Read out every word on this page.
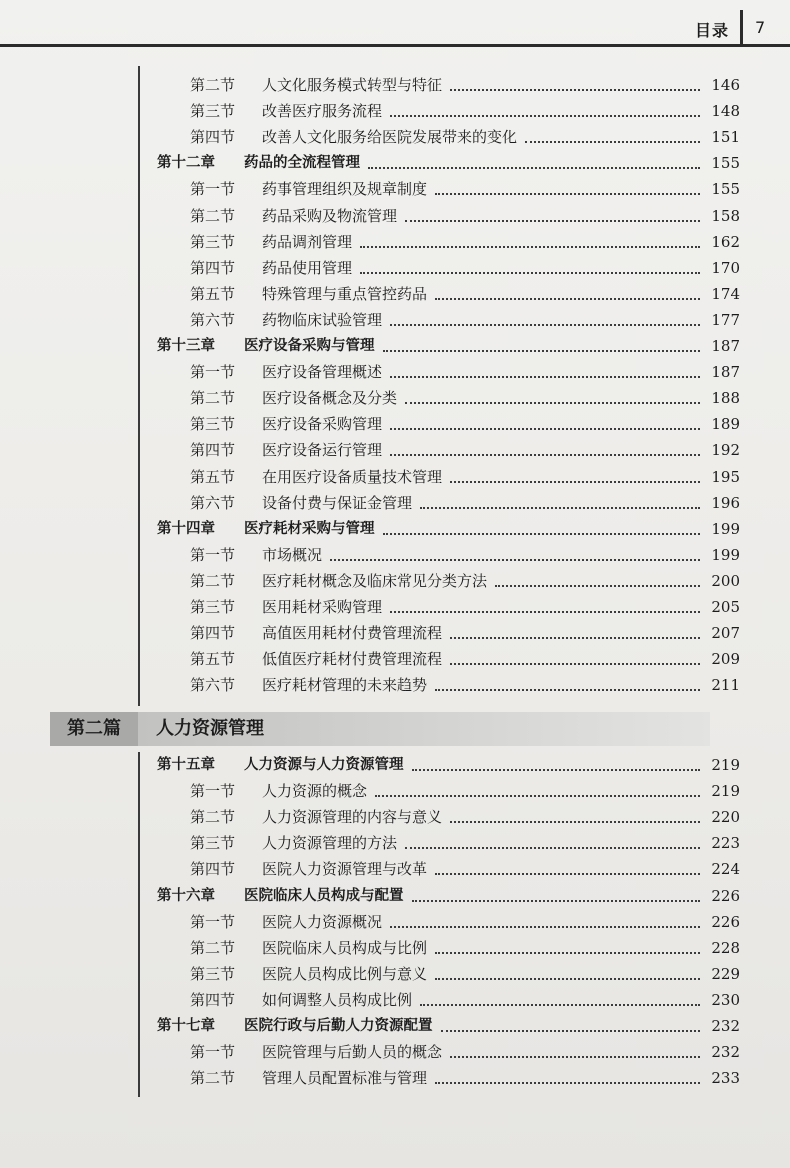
目录 7
第二篇	人力资源管理
第二节 人文化服务模式转型与特征	146
第三节 改善医疗服务流程	148
第四节 改善人文化服务给医院发展带来的变化	151
第十二章 药品的全流程管理	155
第一节 药事管理组织及规章制度	155
第二节 药品采购及物流管理	158
第三节 药品调剂管理	162
第四节 药品使用管理	170
第五节 特殊管理与重点管控药品	174
第六节 药物临床试验管理	177
第十三章 医疗设备采购与管理	187
第一节 医疗设备管理概述	187
第二节 医疗设备概念及分类	188
第三节 医疗设备采购管理	189
第四节 医疗设备运行管理	192
第五节 在用医疗设备质量技术管理	195
第六节 设备付费与保证金管理	196
第十四章 医疗耗材采购与管理	199
第一节 市场概况	199
第二节 医疗耗材概念及临床常见分类方法	200
第三节 医用耗材采购管理	205
第四节 高值医用耗材付费管理流程	207
第五节 低值医疗耗材付费管理流程	209
第六节 医疗耗材管理的未来趋势	211
第十五章 人力资源与人力资源管理	219
第一节 人力资源的概念	219
第二节 人力资源管理的内容与意义	220
第三节 人力资源管理的方法	223
第四节 医院人力资源管理与改革	224
第十六章 医院临床人员构成与配置	226
第一节 医院人力资源概况	226
第二节 医院临床人员构成与比例	228
第三节 医院人员构成比例与意义	229
第四节 如何调整人员构成比例	230
第十七章 医院行政与后勤人力资源配置	232
第一节 医院管理与后勤人员的概念	232
第二节 管理人员配置标准与管理	233
